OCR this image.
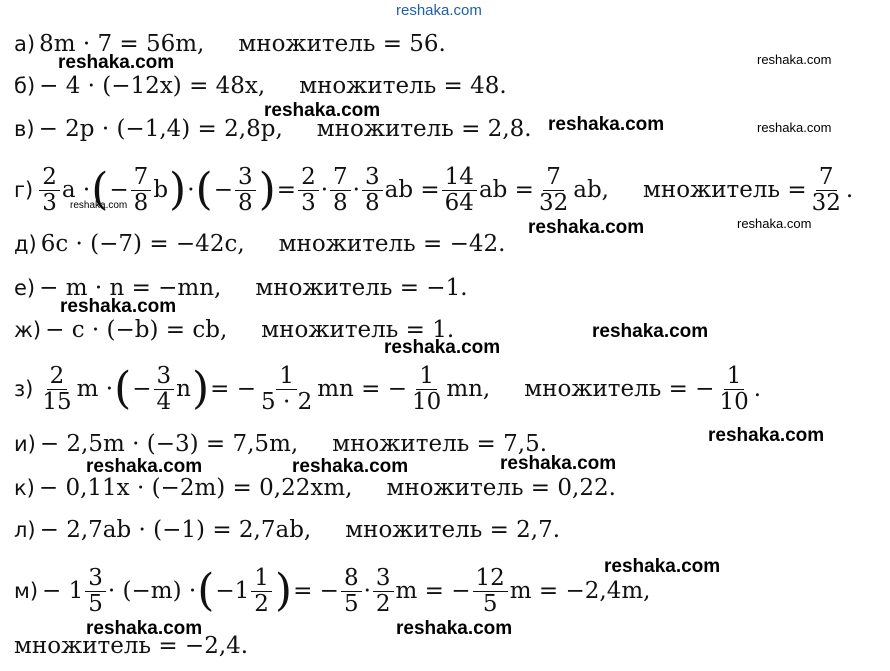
reshaka.com
а) 8m · 7 = 56m, множитель = 56.
б) − 4 · (−12x) = 48x, множитель = 48.
в) − 2p · (−1,4) = 2,8p, множитель = 2,8.
$г) \frac{2}{3}$ a · ( − $\frac{7}{8}$ b ) · ( − $\frac{3}{8}$ ) = $\frac{2}{3} \cdot \frac{7}{8} \cdot \frac{3}{8}$ ab = $\frac{14}{64}$ ab = $\frac{7}{32}$ ab, множитель = $\frac{7}{32}$ .
д) 6c · (−7) = −42c, множитель = −42.
е) − m · n = −mn, множитель = −1.
ж) − c · (−b) = cb, множитель = 1.
$з) \frac{2}{15}$ m · ( − $\frac{3}{4}$ n ) = − $\frac{1}{5 \cdot 2}$ mn = − $\frac{1}{10}$ mn, множитель = − $\frac{1}{10}$ .
и) − 2,5m · (−3) = 7,5m, множитель = 7,5.
к) − 0,11x · (−2m) = 0,22xm, множитель = 0,22.
л) − 2,7ab · (−1) = 2,7ab, множитель = 2,7.
$м) - 1 \frac{3}{5} \cdot (-m)$ · ( $-1 \frac{1}{2}$ ) = − $\frac{8}{5} \cdot \frac{3}{2}$ m = − $\frac{12}{5}$ m = −2,4m,
множитель = −2,4.
reshaka.com	reshaka.com
reshaka.com
reshaka.com	reshaka.com
reshaka.com
reshaka.com	reshaka.com
reshaka.com
reshaka.com
reshaka.com
reshaka.com
reshaka.com	reshaka.com	reshaka.com
reshaka.com
reshaka.com	reshaka.com
